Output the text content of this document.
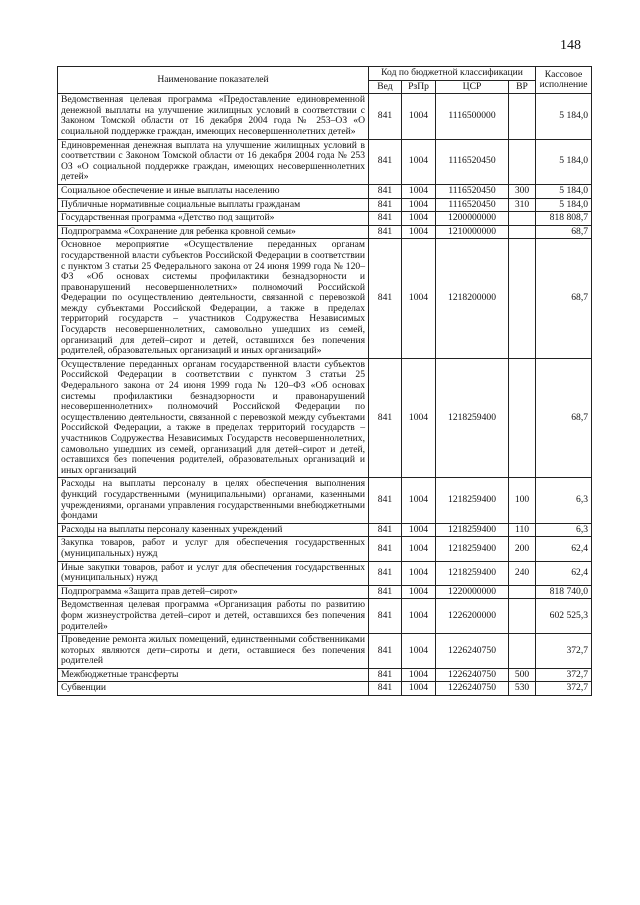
148
Наименование показателей	Код по бюджетной классификации				Кассовое исполнение
	Вед	РзПр	ЦСР	ВР	
Ведомственная целевая программа «Предоставление единовременной денежной выплаты на улучшение жилищных условий в соответствии с Законом Томской области от 16 декабря 2004 года № 253–ОЗ «О социальной поддержке граждан, имеющих несовершеннолетних детей»	841	1004	1116500000		5 184,0
Единовременная денежная выплата на улучшение жилищных условий в соответствии с Законом Томской области от 16 декабря 2004 года № 253 ОЗ «О социальной поддержке граждан, имеющих несовершеннолетних детей»	841	1004	1116520450		5 184,0
Социальное обеспечение и иные выплаты населению	841	1004	1116520450	300	5 184,0
Публичные нормативные социальные выплаты гражданам	841	1004	1116520450	310	5 184,0
Государственная программа «Детство под защитой»	841	1004	1200000000		818 808,7
Подпрограмма «Сохранение для ребенка кровной семьи»	841	1004	1210000000		68,7
Основное мероприятие «Осуществление переданных органам государственной власти субъектов Российской Федерации в соответствии с пунктом 3 статьи 25 Федерального закона от 24 июня 1999 года № 120–ФЗ «Об основах системы профилактики безнадзорности и правонарушений несовершеннолетних» полномочий Российской Федерации по осуществлению деятельности, связанной с перевозкой между субъектами Российской Федерации, а также в пределах территорий государств – участников Содружества Независимых Государств несовершеннолетних, самовольно ушедших из семей, организаций для детей–сирот и детей, оставшихся без попечения родителей, образовательных организаций и иных организаций»	841	1004	1218200000		68,7
Осуществление переданных органам государственной власти субъектов Российской Федерации в соответствии с пунктом 3 статьи 25 Федерального закона от 24 июня 1999 года № 120–ФЗ «Об основах системы профилактики безнадзорности и правонарушений несовершеннолетних» полномочий Российской Федерации по осуществлению деятельности, связанной с перевозкой между субъектами Российской Федерации, а также в пределах территорий государств – участников Содружества Независимых Государств несовершеннолетних, самовольно ушедших из семей, организаций для детей–сирот и детей, оставшихся без попечения родителей, образовательных организаций и иных организаций	841	1004	1218259400		68,7
Расходы на выплаты персоналу в целях обеспечения выполнения функций государственными (муниципальными) органами, казенными учреждениями, органами управления государственными внебюджетными фондами	841	1004	1218259400	100	6,3
Расходы на выплаты персоналу казенных учреждений	841	1004	1218259400	110	6,3
Закупка товаров, работ и услуг для обеспечения государственных (муниципальных) нужд	841	1004	1218259400	200	62,4
Иные закупки товаров, работ и услуг для обеспечения государственных (муниципальных) нужд	841	1004	1218259400	240	62,4
Подпрограмма «Защита прав детей–сирот»	841	1004	1220000000		818 740,0
Ведомственная целевая программа «Организация работы по развитию форм жизнеустройства детей–сирот и детей, оставшихся без попечения родителей»	841	1004	1226200000		602 525,3
Проведение ремонта жилых помещений, единственными собственниками которых являются дети–сироты и дети, оставшиеся без попечения родителей	841	1004	1226240750		372,7
Межбюджетные трансферты	841	1004	1226240750	500	372,7
Субвенции	841	1004	1226240750	530	372,7
